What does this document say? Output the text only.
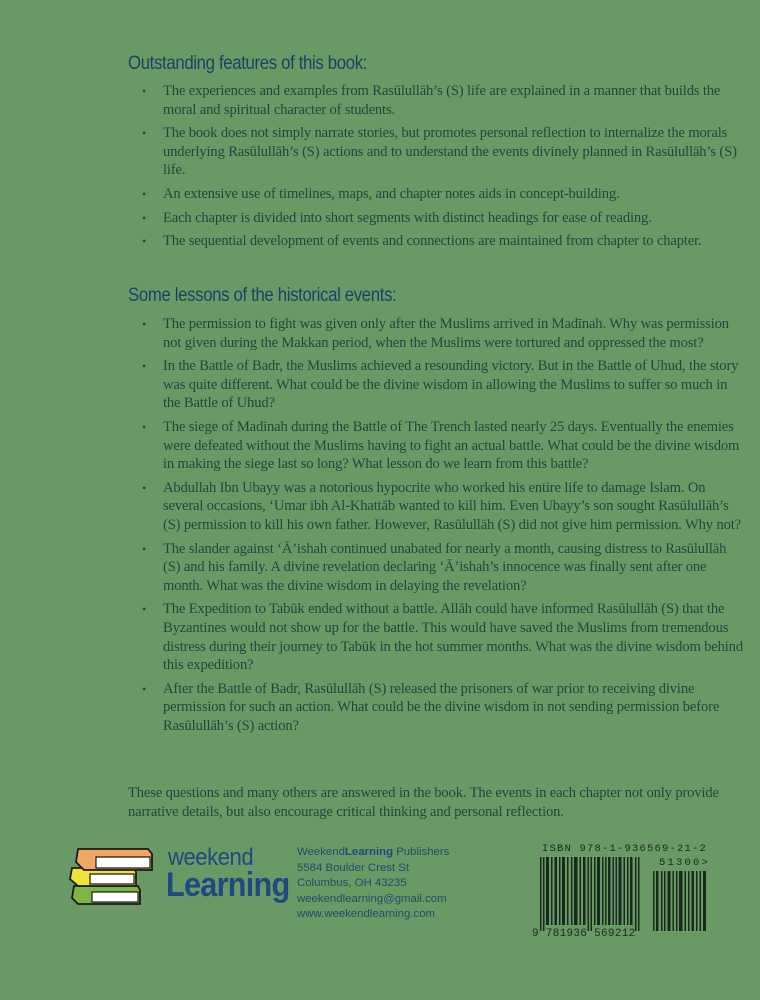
Outstanding features of this book:
• The experiences and examples from Rasūlullāh’s (S) life are explained in a manner that builds the moral and spiritual character of students.
• The book does not simply narrate stories, but promotes personal reflection to internalize the morals underlying Rasūlullāh’s (S) actions and to understand the events divinely planned in Rasūlullāh’s (S) life.
• An extensive use of timelines, maps, and chapter notes aids in concept-building.
• Each chapter is divided into short segments with distinct headings for ease of reading.
• The sequential development of events and connections are maintained from chapter to chapter.
Some lessons of the historical events:
• The permission to fight was given only after the Muslims arrived in Madīnah. Why was permission not given during the Makkan period, when the Muslims were tortured and oppressed the most?
• In the Battle of Badr, the Muslims achieved a resounding victory. But in the Battle of Uhud, the story was quite different. What could be the divine wisdom in allowing the Muslims to suffer so much in the Battle of Uhud?
• The siege of Madinah during the Battle of The Trench lasted nearly 25 days. Eventually the enemies were defeated without the Muslims having to fight an actual battle. What could be the divine wisdom in making the siege last so long? What lesson do we learn from this battle?
• Abdullah Ibn Ubayy was a notorious hypocrite who worked his entire life to damage Islam. On several occasions, ‘Umar ibh Al-Khattāb wanted to kill him. Even Ubayy’s son sought Rasūlullāh’s (S) permission to kill his own father. However, Rasūlullāh (S) did not give him permission. Why not?
• The slander against ‘Ā’ishah continued unabated for nearly a month, causing distress to Rasūlullāh (S) and his family. A divine revelation declaring ‘Ā’ishah’s innocence was finally sent after one month. What was the divine wisdom in delaying the revelation?
• The Expedition to Tabūk ended without a battle. Allāh could have informed Rasūlullāh (S) that the Byzantines would not show up for the battle. This would have saved the Muslims from tremendous distress during their journey to Tabūk in the hot summer months. What was the divine wisdom behind this expedition?
• After the Battle of Badr, Rasūlullāh (S) released the prisoners of war prior to receiving divine permission for such an action. What could be the divine wisdom in not sending permission before Rasūlullāh’s (S) action?

These questions and many others are answered in the book. The events in each chapter not only provide narrative details, but also encourage critical thinking and personal reflection.

weekend
Learning
WeekendLearning Publishers
5584 Boulder Crest St
Columbus, OH 43235
weekendlearning@gmail.com
www.weekendlearning.com
ISBN 978-1-936569-21-2
51300>
9 781936 569212
